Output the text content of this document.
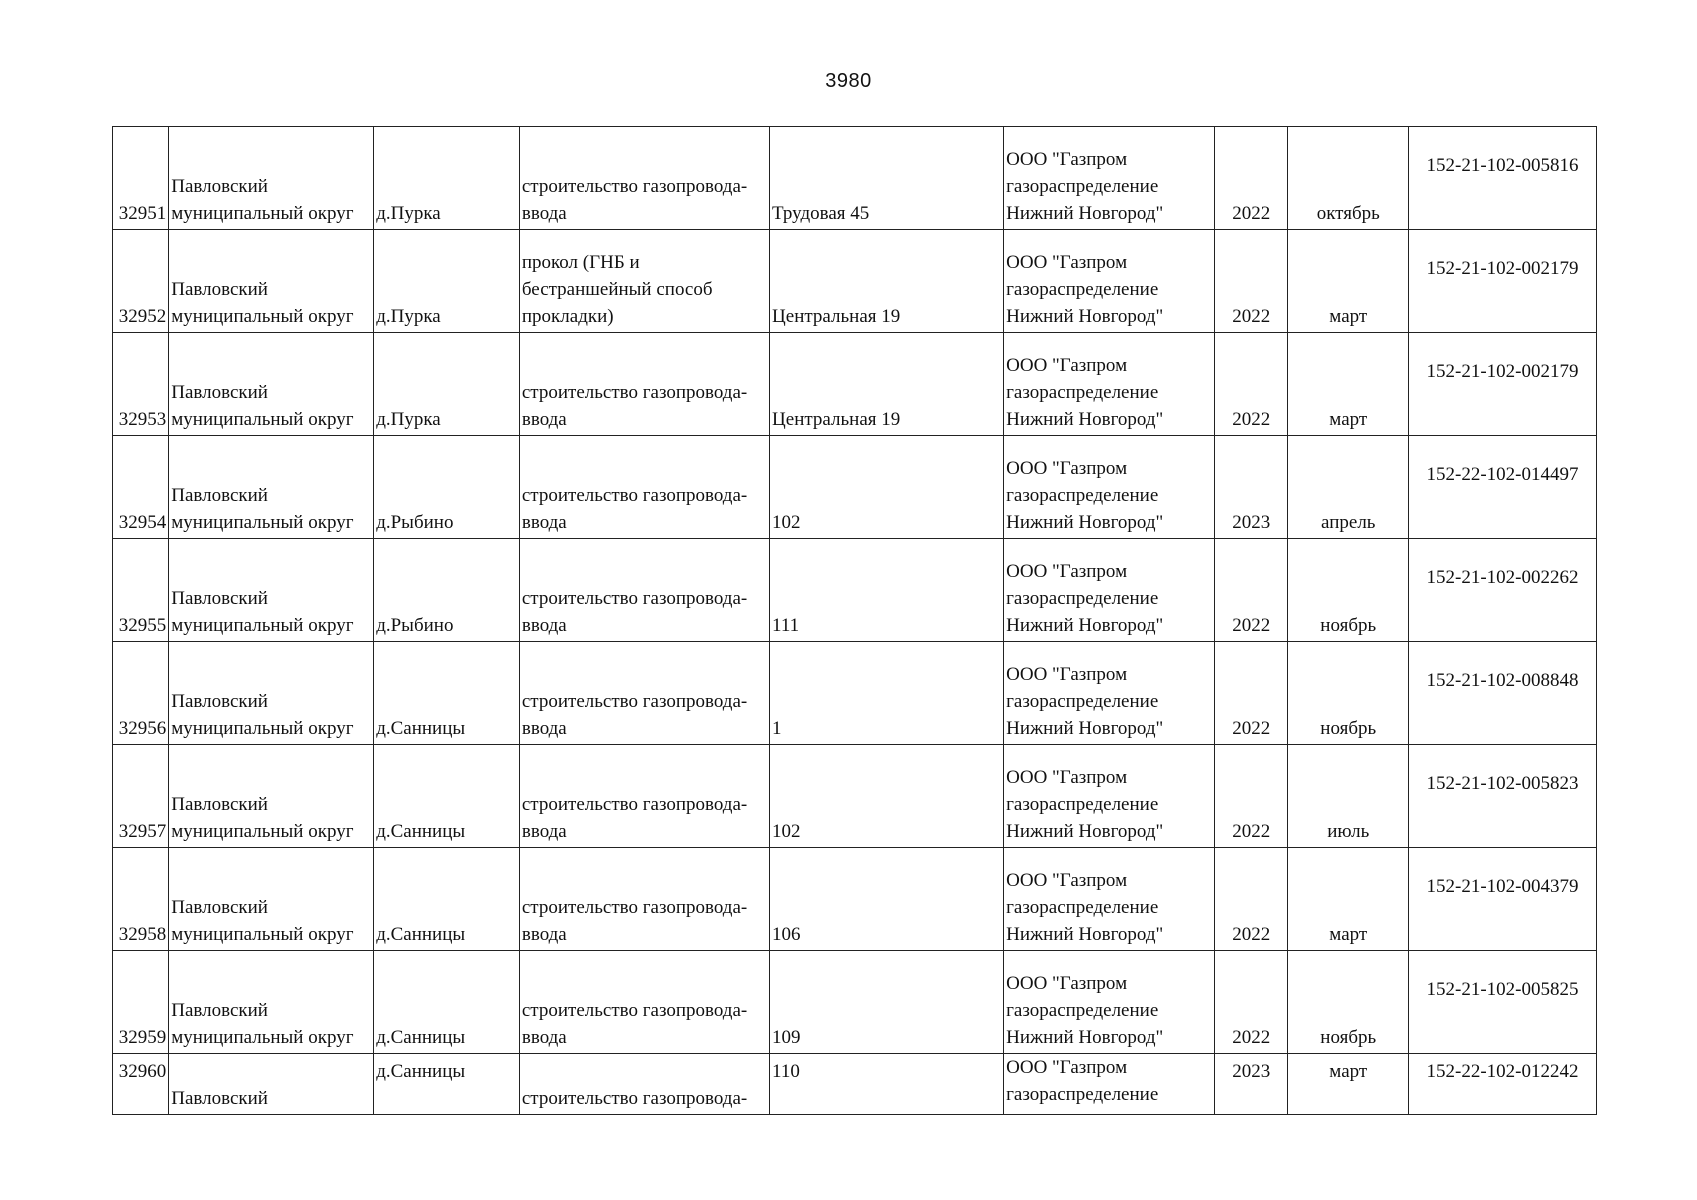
3980
32951	Павловский
муниципальный округ	д.Пурка	строительство газопровода-
ввода	Трудовая 45	ООО "Газпром
газораспределение
Нижний Новгород"	2022	октябрь	152-21-102-005816

32952	Павловский
муниципальный округ	д.Пурка	прокол (ГНБ и
бестраншейный способ
прокладки)	Центральная 19	ООО "Газпром
газораспределение
Нижний Новгород"	2022	март	152-21-102-002179

32953	Павловский
муниципальный округ	д.Пурка	строительство газопровода-
ввода	Центральная 19	ООО "Газпром
газораспределение
Нижний Новгород"	2022	март	152-21-102-002179

32954	Павловский
муниципальный округ	д.Рыбино	строительство газопровода-
ввода	102	ООО "Газпром
газораспределение
Нижний Новгород"	2023	апрель	152-22-102-014497

32955	Павловский
муниципальный округ	д.Рыбино	строительство газопровода-
ввода	111	ООО "Газпром
газораспределение
Нижний Новгород"	2022	ноябрь	152-21-102-002262

32956	Павловский
муниципальный округ	д.Санницы	строительство газопровода-
ввода	1	ООО "Газпром
газораспределение
Нижний Новгород"	2022	ноябрь	152-21-102-008848

32957	Павловский
муниципальный округ	д.Санницы	строительство газопровода-
ввода	102	ООО "Газпром
газораспределение
Нижний Новгород"	2022	июль	152-21-102-005823

32958	Павловский
муниципальный округ	д.Санницы	строительство газопровода-
ввода	106	ООО "Газпром
газораспределение
Нижний Новгород"	2022	март	152-21-102-004379

32959	Павловский
муниципальный округ	д.Санницы	строительство газопровода-
ввода	109	ООО "Газпром
газораспределение
Нижний Новгород"	2022	ноябрь	152-21-102-005825

32960	
Павловский	д.Санницы	
строительство газопровода-	110	ООО "Газпром
газораспределение	2023	март	152-22-102-012242
